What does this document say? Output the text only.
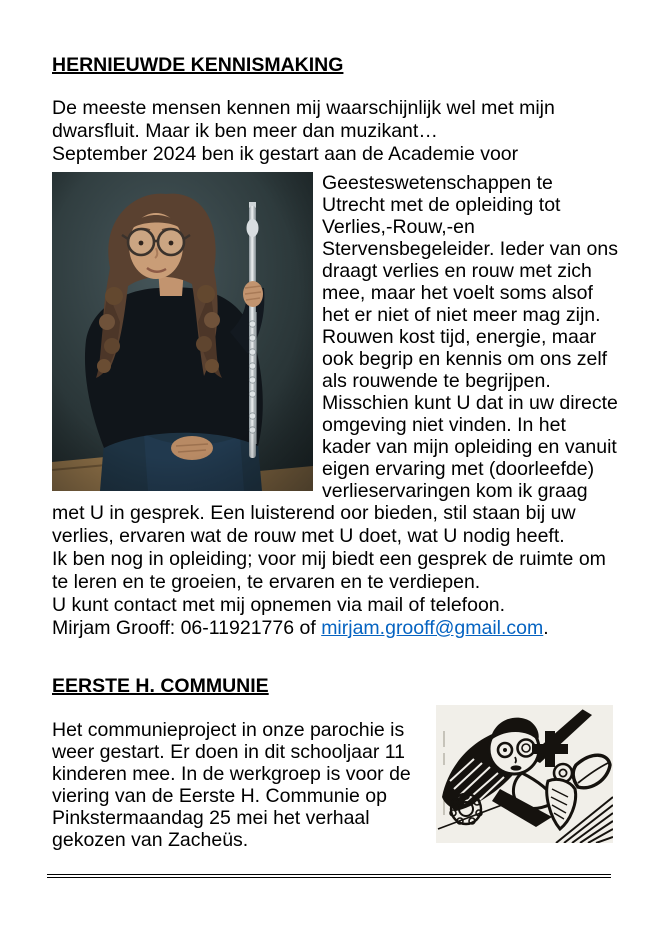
HERNIEUWDE KENNISMAKING
De meeste mensen kennen mij waarschijnlijk wel met mijn
dwarsfluit. Maar ik ben meer dan muzikant…
September 2024 ben ik gestart aan de Academie voor
Geesteswetenschappen te
Utrecht met de opleiding tot
Verlies,-Rouw,-en
Stervensbegeleider. Ieder van ons
draagt verlies en rouw met zich
mee, maar het voelt soms alsof
het er niet of niet meer mag zijn.
Rouwen kost tijd, energie, maar
ook begrip en kennis om ons zelf
als rouwende te begrijpen.
Misschien kunt U dat in uw directe
omgeving niet vinden. In het
kader van mijn opleiding en vanuit
eigen ervaring met (doorleefde)
verlieservaringen kom ik graag
met U in gesprek. Een luisterend oor bieden, stil staan bij uw
verlies, ervaren wat de rouw met U doet, wat U nodig heeft.
Ik ben nog in opleiding; voor mij biedt een gesprek de ruimte om
te leren en te groeien, te ervaren en te verdiepen.
U kunt contact met mij opnemen via mail of telefoon.
Mirjam Grooff: 06-11921776 of mirjam.grooff@gmail.com.
EERSTE H. COMMUNIE
Het communieproject in onze parochie is
weer gestart. Er doen in dit schooljaar 11
kinderen mee. In de werkgroep is voor de
viering van de Eerste H. Communie op
Pinkstermaandag 25 mei het verhaal
gekozen van Zacheüs.
